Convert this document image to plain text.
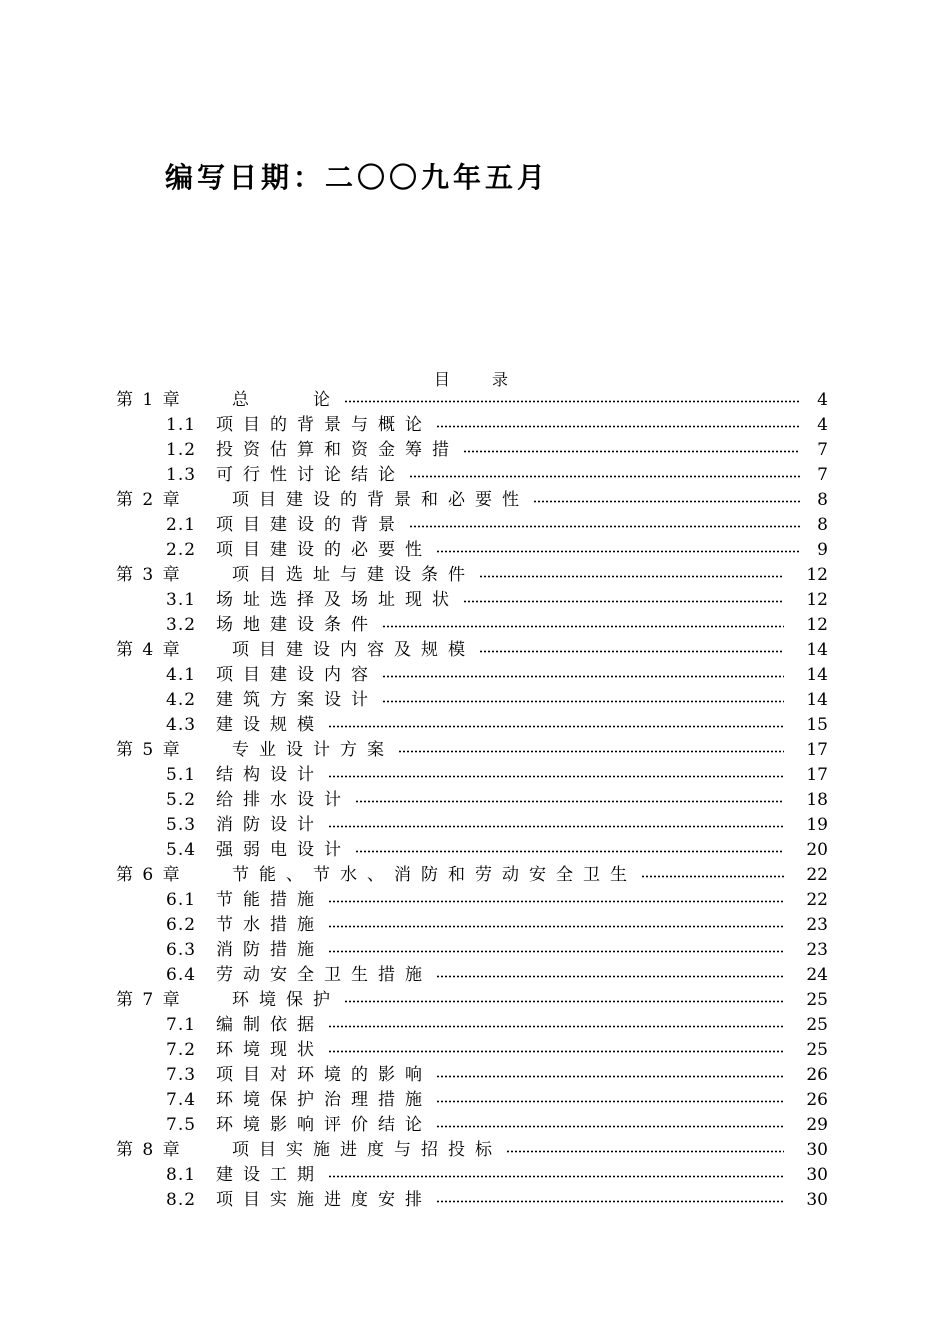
编写日期：二〇〇九年五月
目录
第 1 章	总　　论	4
1.1 项目的背景与概论	4
1.2 投资估算和资金筹措	7
1.3 可行性讨论结论	7
第 2 章	项目建设的背景和必要性	8
2.1 项目建设的背景	8
2.2 项目建设的必要性	9
第 3 章	项目选址与建设条件	12
3.1 场址选择及场址现状	12
3.2 场地建设条件	12
第 4 章	项目建设内容及规模	14
4.1 项目建设内容	14
4.2 建筑方案设计	14
4.3 建设规模	15
第 5 章	专业设计方案	17
5.1 结构设计	17
5.2 给排水设计	18
5.3 消防设计	19
5.4 强弱电设计	20
第 6 章	节能、节水、消防和劳动安全卫生	22
6.1 节能措施	22
6.2 节水措施	23
6.3 消防措施	23
6.4 劳动安全卫生措施	24
第 7 章	环境保护	25
7.1 编制依据	25
7.2 环境现状	25
7.3 项目对环境的影响	26
7.4 环境保护治理措施	26
7.5 环境影响评价结论	29
第 8 章	项目实施进度与招投标	30
8.1 建设工期	30
8.2 项目实施进度安排	30
